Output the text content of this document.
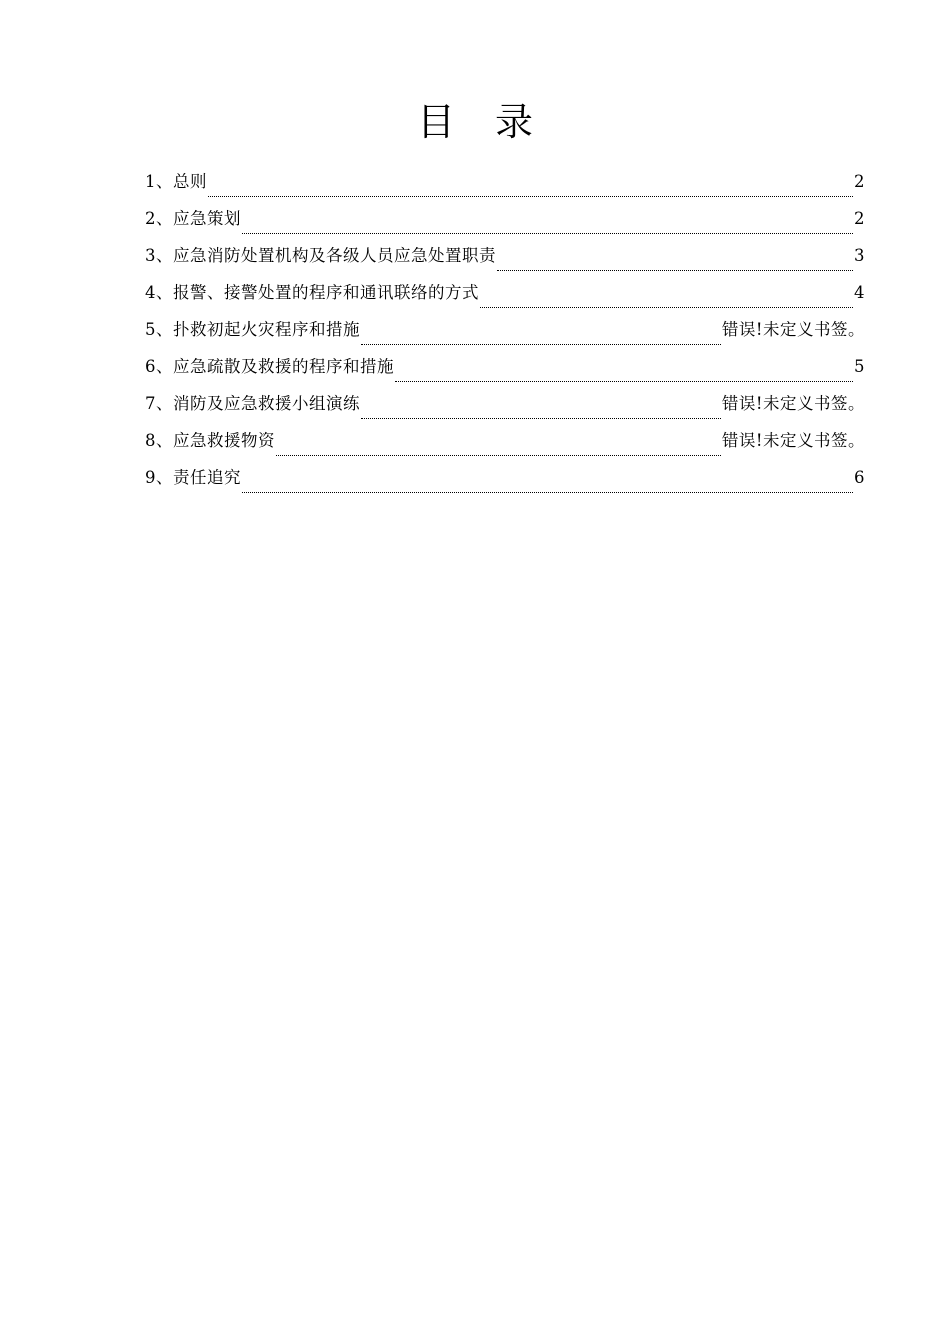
目录
1、总则	2
2、应急策划	2
3、应急消防处置机构及各级人员应急处置职责	3
4、报警、接警处置的程序和通讯联络的方式	4
5、扑救初起火灾程序和措施	错误!未定义书签。
6、应急疏散及救援的程序和措施	5
7、消防及应急救援小组演练	错误!未定义书签。
8、应急救援物资	错误!未定义书签。
9、责任追究	6
